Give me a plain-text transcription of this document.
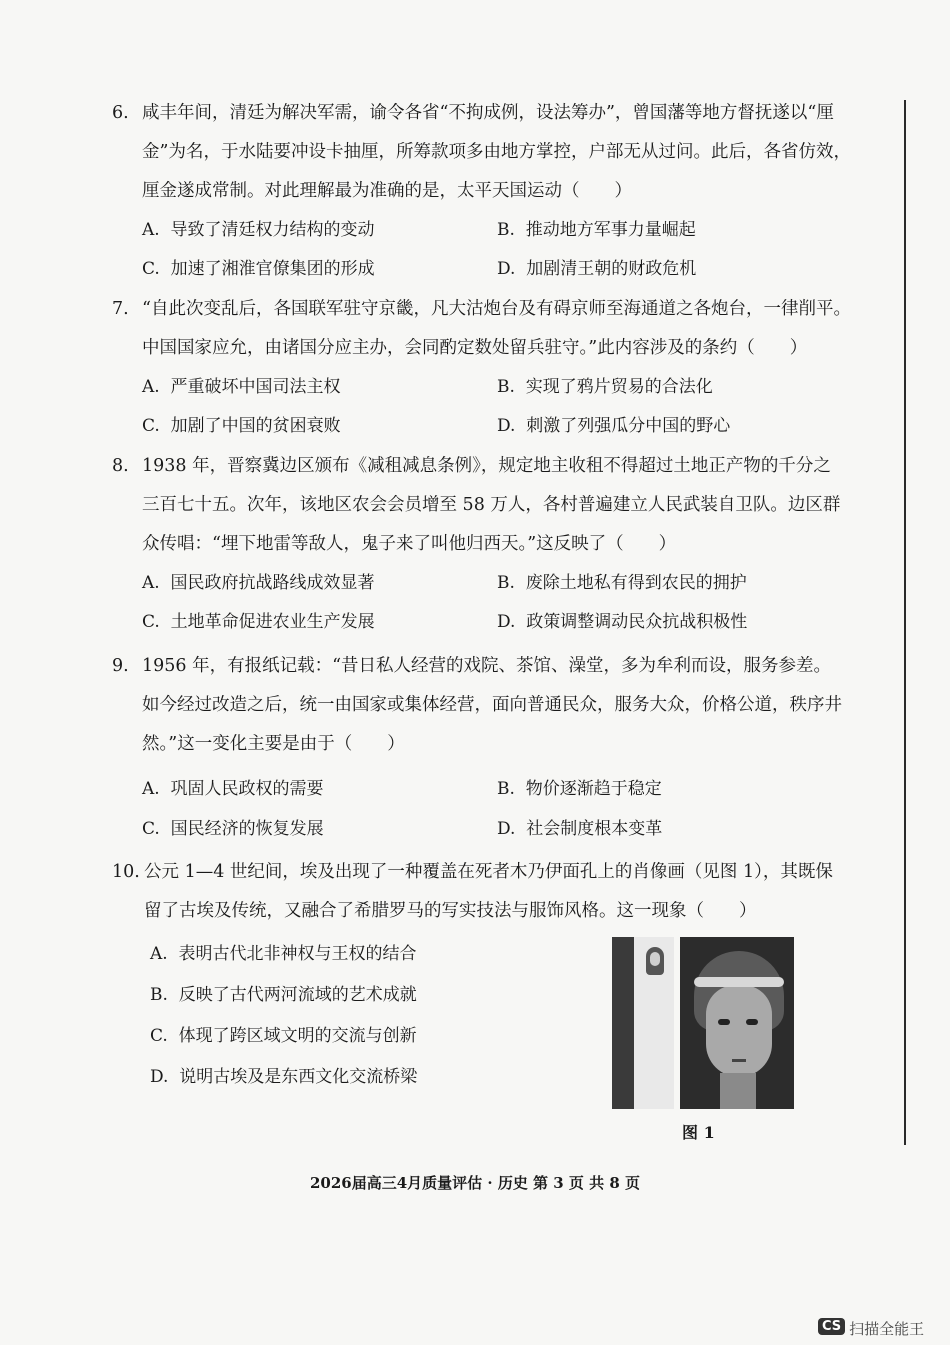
6. 咸丰年间，清廷为解决军需，谕令各省“不拘成例，设法筹办”，曾国藩等地方督抚遂以“厘
金”为名，于水陆要冲设卡抽厘，所筹款项多由地方掌控，户部无从过问。此后，各省仿效，
厘金遂成常制。对此理解最为准确的是，太平天国运动（　　）
A. 导致了清廷权力结构的变动	B. 推动地方军事力量崛起
C. 加速了湘淮官僚集团的形成	D. 加剧清王朝的财政危机
7. “自此次变乱后，各国联军驻守京畿，凡大沽炮台及有碍京师至海通道之各炮台，一律削平。
中国国家应允，由诸国分应主办，会同酌定数处留兵驻守。”此内容涉及的条约（　　）
A. 严重破坏中国司法主权	B. 实现了鸦片贸易的合法化
C. 加剧了中国的贫困衰败	D. 刺激了列强瓜分中国的野心
8. 1938 年，晋察冀边区颁布《减租减息条例》，规定地主收租不得超过土地正产物的千分之
三百七十五。次年，该地区农会会员增至 58 万人，各村普遍建立人民武装自卫队。边区群
众传唱：“埋下地雷等敌人，鬼子来了叫他归西天。”这反映了（　　）
A. 国民政府抗战路线成效显著	B. 废除土地私有得到农民的拥护
C. 土地革命促进农业生产发展	D. 政策调整调动民众抗战积极性
9. 1956 年，有报纸记载：“昔日私人经营的戏院、茶馆、澡堂，多为牟利而设，服务参差。
如今经过改造之后，统一由国家或集体经营，面向普通民众，服务大众，价格公道，秩序井
然。”这一变化主要是由于（　　）
A. 巩固人民政权的需要	B. 物价逐渐趋于稳定
C. 国民经济的恢复发展	D. 社会制度根本变革
10. 公元 1—4 世纪间，埃及出现了一种覆盖在死者木乃伊面孔上的肖像画（见图 1），其既保
留了古埃及传统，又融合了希腊罗马的写实技法与服饰风格。这一现象（　　）
A. 表明古代北非神权与王权的结合
B. 反映了古代两河流域的艺术成就
C. 体现了跨区域文明的交流与创新
D. 说明古埃及是东西文化交流桥梁
图 1
2026届高三4月质量评估 · 历史 第 3 页 共 8 页
CS 扫描全能王
